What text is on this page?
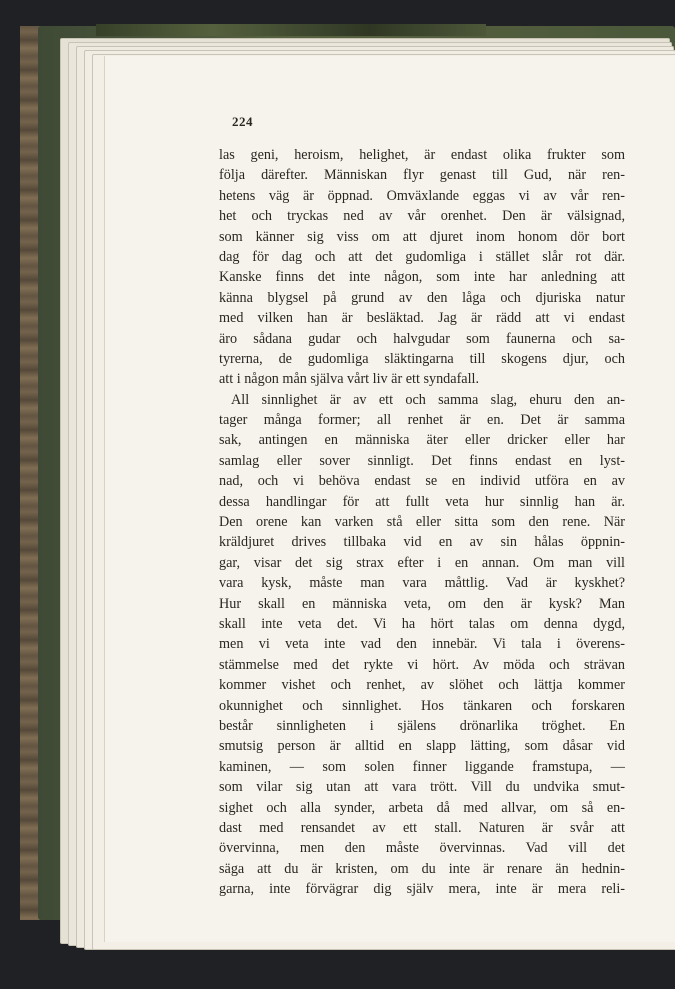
224
las geni, heroism, helighet, är endast olika frukter som
följa därefter. Människan flyr genast till Gud, när ren-
hetens väg är öppnad. Omväxlande eggas vi av vår ren-
het och tryckas ned av vår orenhet. Den är välsignad,
som känner sig viss om att djuret inom honom dör bort
dag för dag och att det gudomliga i stället slår rot där.
Kanske finns det inte någon, som inte har anledning att
känna blygsel på grund av den låga och djuriska natur
med vilken han är besläktad. Jag är rädd att vi endast
äro sådana gudar och halvgudar som faunerna och sa-
tyrerna, de gudomliga släktingarna till skogens djur, och
att i någon mån själva vårt liv är ett syndafall.
All sinnlighet är av ett och samma slag, ehuru den an-
tager många former; all renhet är en. Det är samma
sak, antingen en människa äter eller dricker eller har
samlag eller sover sinnligt. Det finns endast en lyst-
nad, och vi behöva endast se en individ utföra en av
dessa handlingar för att fullt veta hur sinnlig han är.
Den orene kan varken stå eller sitta som den rene. När
kräldjuret drives tillbaka vid en av sin hålas öppnin-
gar, visar det sig strax efter i en annan. Om man vill
vara kysk, måste man vara måttlig. Vad är kyskhet?
Hur skall en människa veta, om den är kysk? Man
skall inte veta det. Vi ha hört talas om denna dygd,
men vi veta inte vad den innebär. Vi tala i överens-
stämmelse med det rykte vi hört. Av möda och strävan
kommer vishet och renhet, av slöhet och lättja kommer
okunnighet och sinnlighet. Hos tänkaren och forskaren
består sinnligheten i själens drönarlika tröghet. En
smutsig person är alltid en slapp lätting, som dåsar vid
kaminen, — som solen finner liggande framstupa, —
som vilar sig utan att vara trött. Vill du undvika smut-
sighet och alla synder, arbeta då med allvar, om så en-
dast med rensandet av ett stall. Naturen är svår att
övervinna, men den måste övervinnas. Vad vill det
säga att du är kristen, om du inte är renare än hednin-
garna, inte förvägrar dig själv mera, inte är mera reli-
